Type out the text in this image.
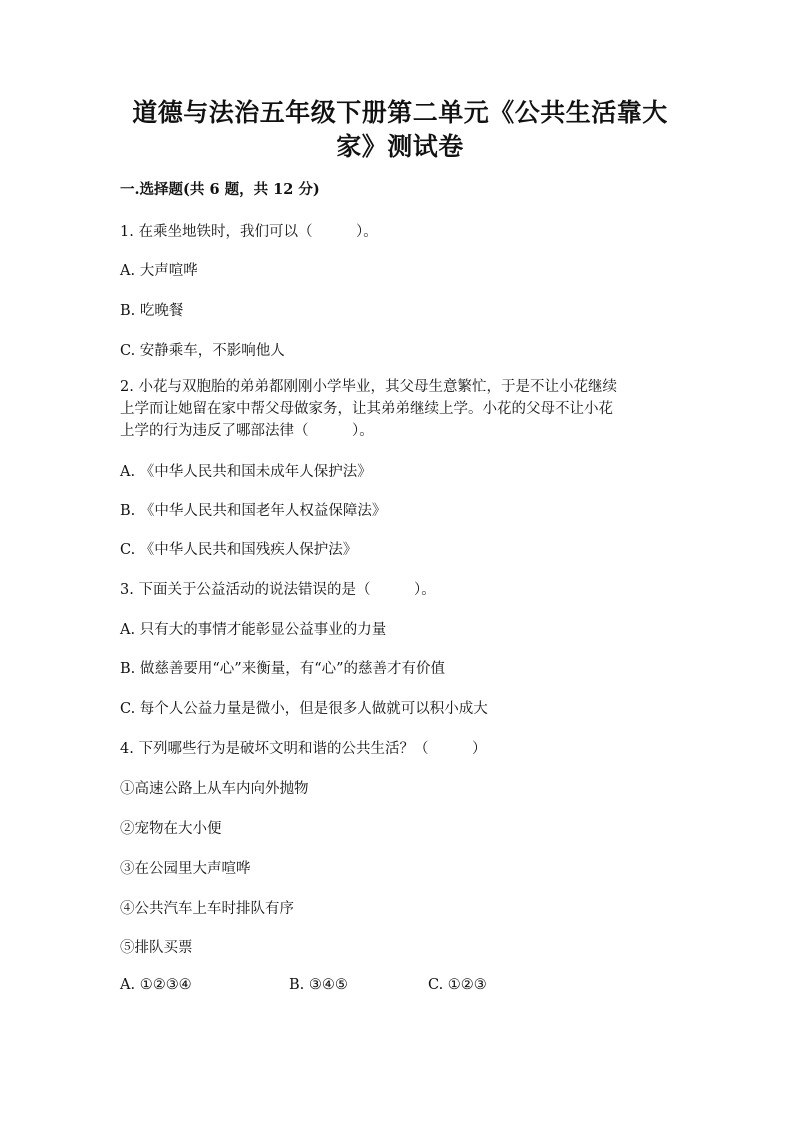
道德与法治五年级下册第二单元《公共生活靠大
家》测试卷
一.选择题(共 6 题，共 12 分)
1. 在乘坐地铁时，我们可以（　　　）。
A. 大声喧哗
B. 吃晚餐
C. 安静乘车，不影响他人
2. 小花与双胞胎的弟弟都刚刚小学毕业，其父母生意繁忙，于是不让小花继续
上学而让她留在家中帮父母做家务，让其弟弟继续上学。小花的父母不让小花
上学的行为违反了哪部法律（　　　）。
A. 《中华人民共和国未成年人保护法》
B. 《中华人民共和国老年人权益保障法》
C. 《中华人民共和国残疾人保护法》
3. 下面关于公益活动的说法错误的是（　　　）。
A. 只有大的事情才能彰显公益事业的力量
B. 做慈善要用“心”来衡量，有“心”的慈善才有价值
C. 每个人公益力量是微小，但是很多人做就可以积小成大
4. 下列哪些行为是破坏文明和谐的公共生活？（　　　）
①高速公路上从车内向外抛物
②宠物在大小便
③在公园里大声喧哗
④公共汽车上车时排队有序
⑤排队买票
A. ①②③④	B. ③④⑤	C. ①②③
